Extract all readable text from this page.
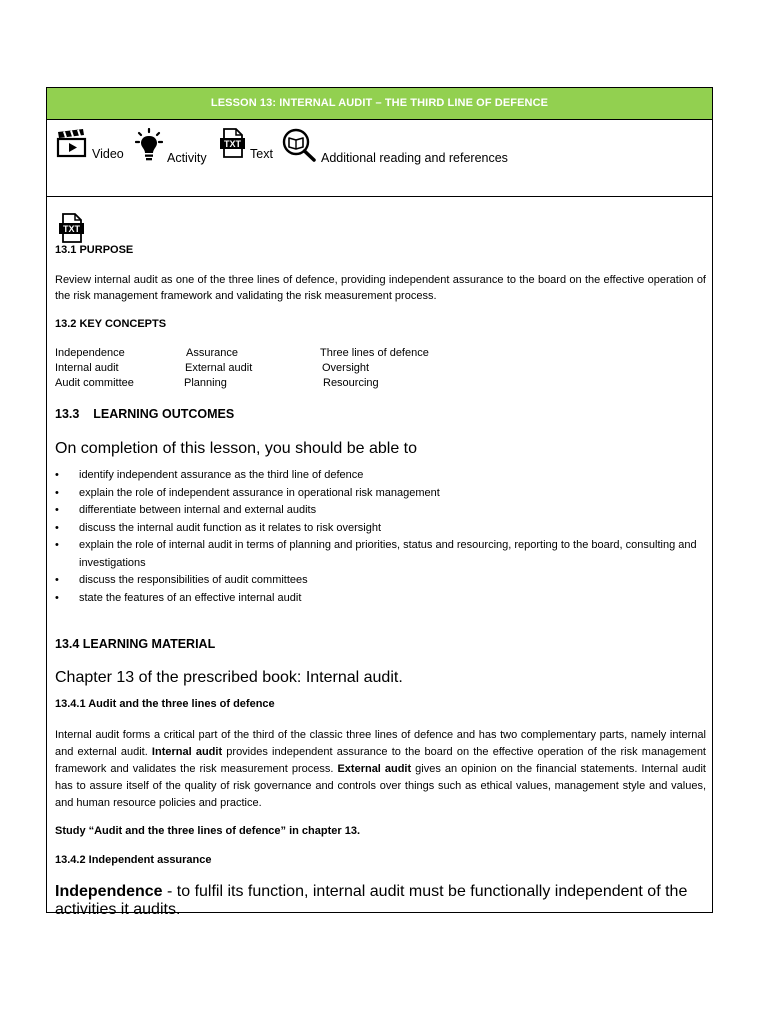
LESSON 13: INTERNAL AUDIT – THE THIRD LINE OF DEFENCE
Video	Activity
TXT
Text	Additional reading and references
TXT
13.1 PURPOSE
Review internal audit as one of the three lines of defence, providing independent assurance to the board on the effective operation of the risk management framework and validating the risk measurement process.
13.2 KEY CONCEPTS
Independence	Assurance	Three lines of defence
Internal audit	External audit	Oversight
Audit committee	Planning	Resourcing
13.3    LEARNING OUTCOMES
On completion of this lesson, you should be able to
• identify independent assurance as the third line of defence
• explain the role of independent assurance in operational risk management
• differentiate between internal and external audits
• discuss the internal audit function as it relates to risk oversight
• explain the role of internal audit in terms of planning and priorities, status and resourcing, reporting to the board, consulting and investigations
• discuss the responsibilities of audit committees
• state the features of an effective internal audit
13.4 LEARNING MATERIAL
Chapter 13 of the prescribed book: Internal audit.
13.4.1 Audit and the three lines of defence
Internal audit forms a critical part of the third of the classic three lines of defence and has two complementary parts, namely internal and external audit. Internal audit provides independent assurance to the board on the effective operation of the risk management framework and validates the risk measurement process. External audit gives an opinion on the financial statements. Internal audit has to assure itself of the quality of risk governance and controls over things such as ethical values, management style and values, and human resource policies and practice.
Study “Audit and the three lines of defence” in chapter 13.
13.4.2 Independent assurance
Independence - to fulfil its function, internal audit must be functionally independent of the activities it audits.
